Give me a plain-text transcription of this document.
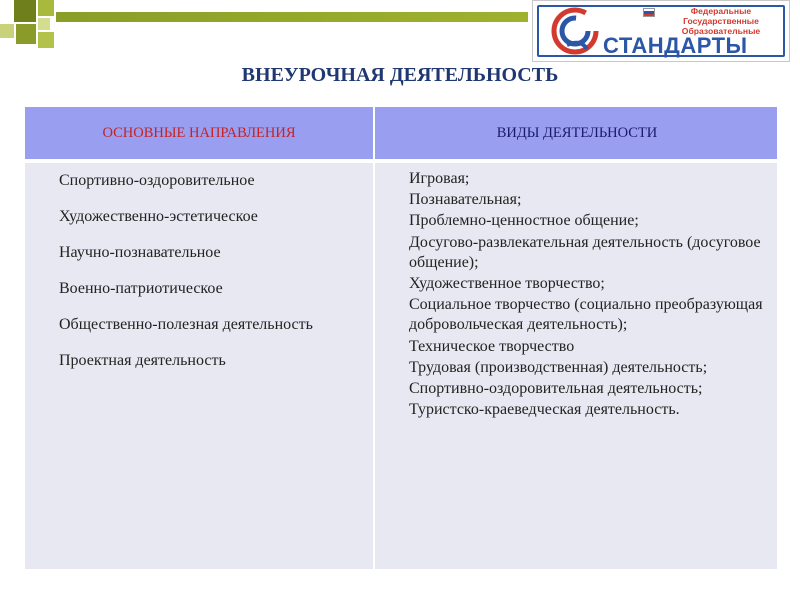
Федеральные
Государственные
Образовательные
СТАНДАРТЫ
ВНЕУРОЧНАЯ ДЕЯТЕЛЬНОСТЬ
ОСНОВНЫЕ НАПРАВЛЕНИЯ	ВИДЫ ДЕЯТЕЛЬНОСТИ
Спортивно-оздоровительное
Художественно-эстетическое
Научно-познавательное
Военно-патриотическое
Общественно-полезная деятельность
Проектная деятельность
Игровая;
Познавательная;
Проблемно-ценностное общение;
Досугово-развлекательная деятельность (досуговое общение);
Художественное творчество;
Социальное творчество (социально преобразующая добровольческая деятельность);
Техническое творчество
Трудовая (производственная) деятельность;
Спортивно-оздоровительная деятельность;
Туристско-краеведческая деятельность.
